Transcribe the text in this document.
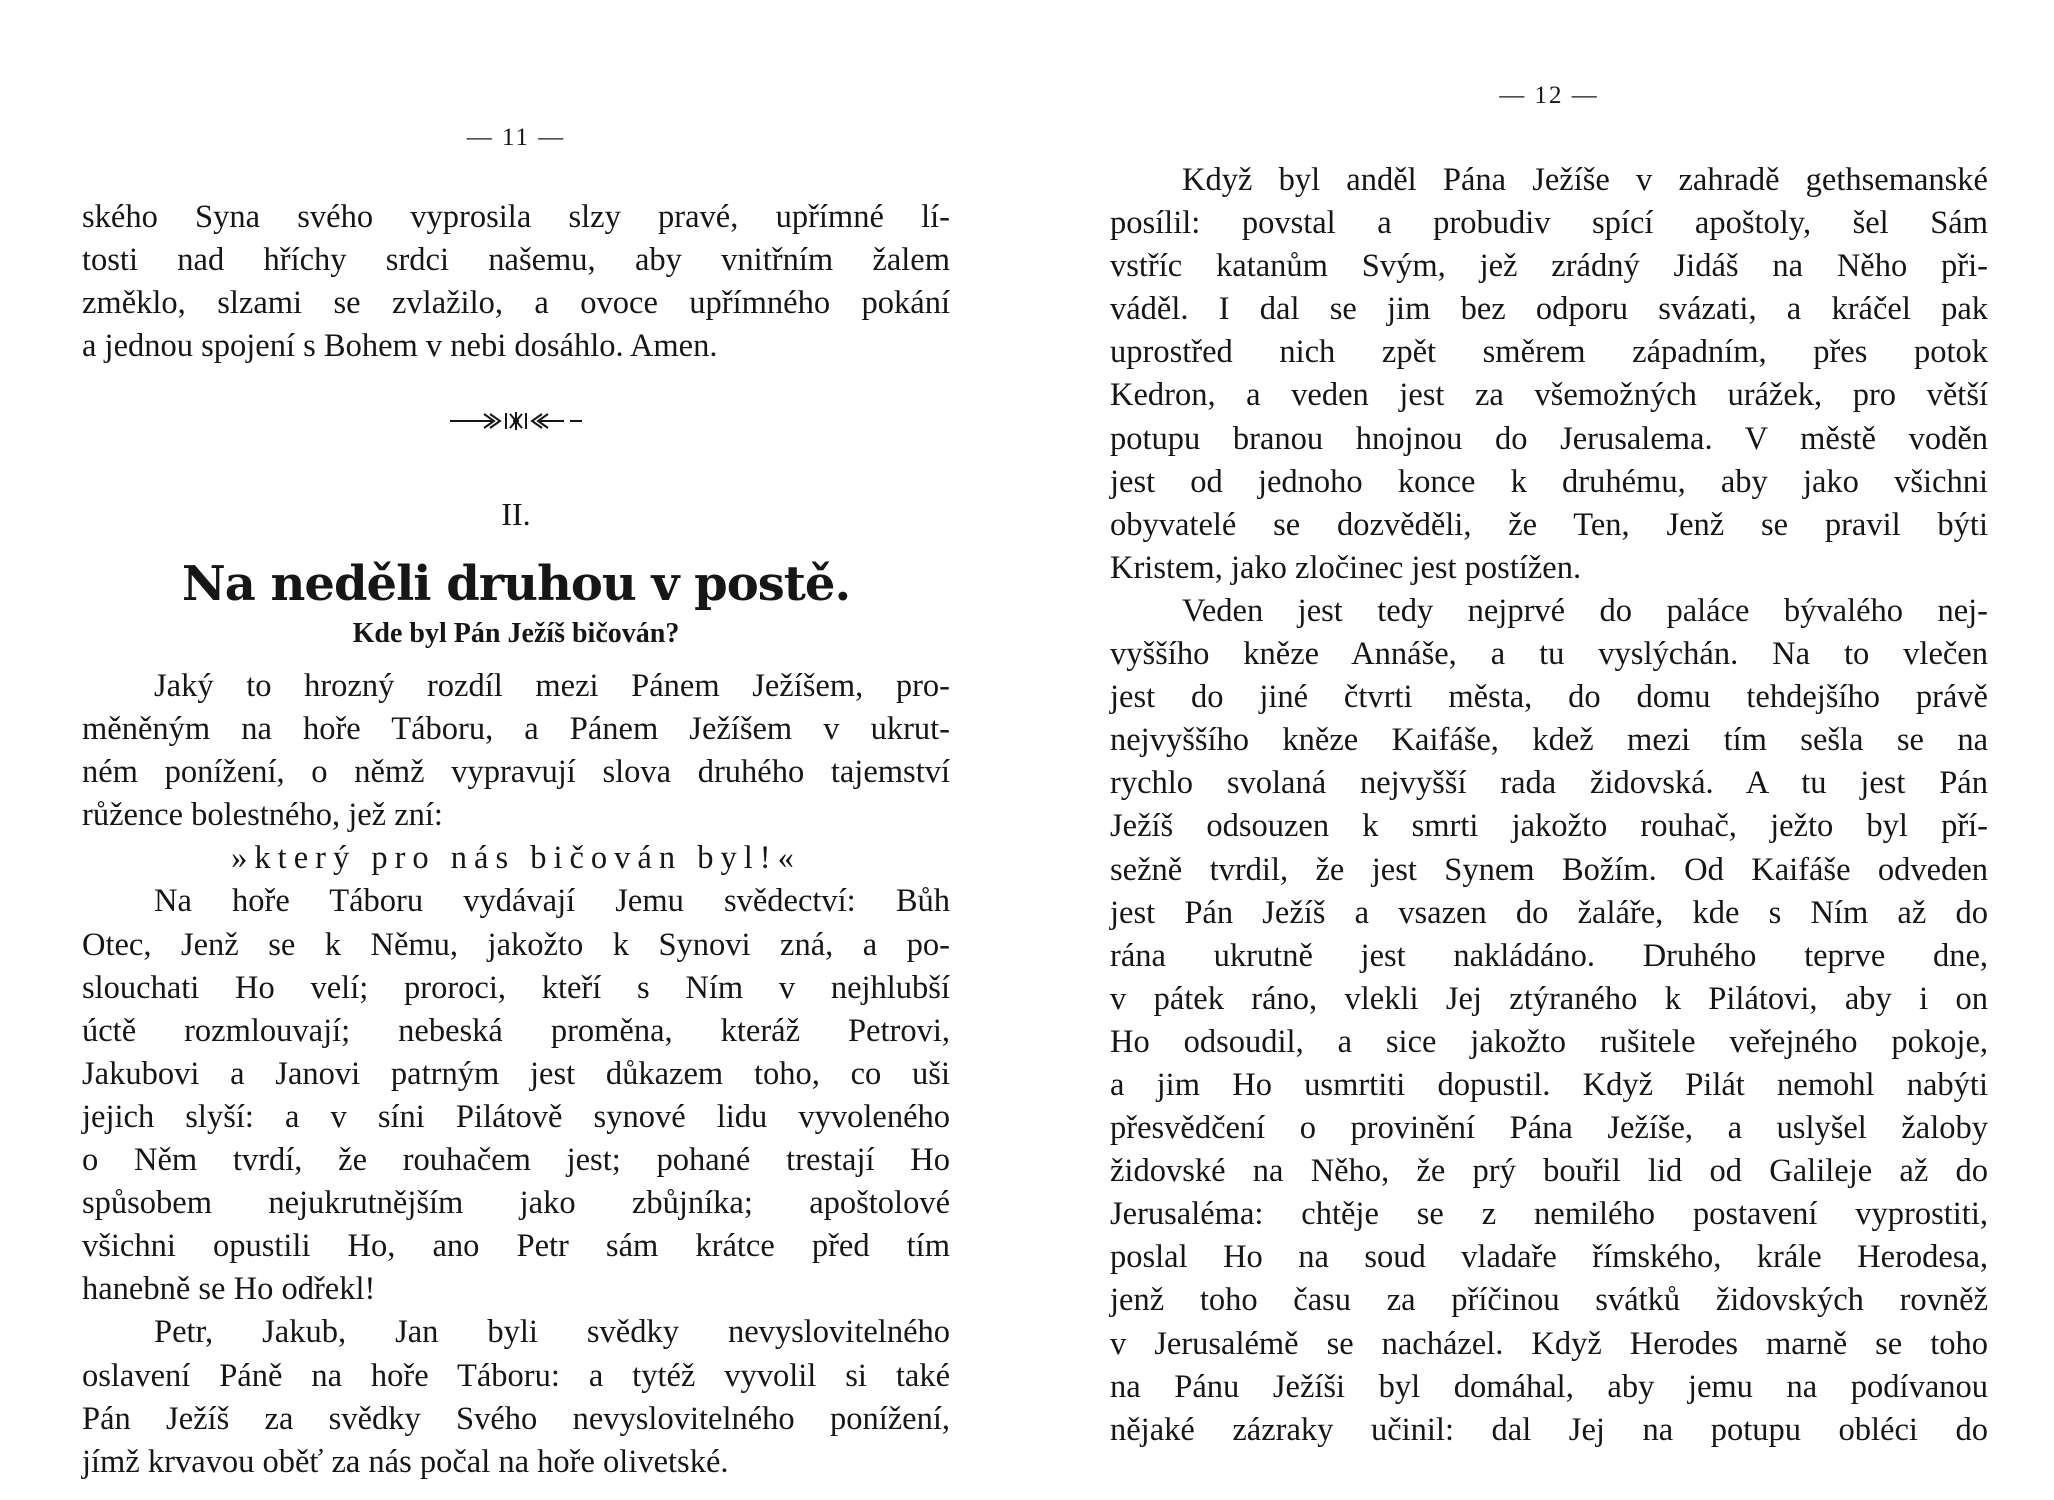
— 11 —
ského Syna svého vyprosila slzy pravé, upřímné lí-
tosti nad hříchy srdci našemu, aby vnitřním žalem
změklo, slzami se zvlažilo, a ovoce upřímného pokání
a jednou spojení s Bohem v nebi dosáhlo. Amen.
II.
Na neděli druhou v postě.
Kde byl Pán Ježíš bičován?
Jaký to hrozný rozdíl mezi Pánem Ježíšem, pro-
měněným na hoře Táboru, a Pánem Ježíšem v ukrut-
ném ponížení, o němž vypravují slova druhého tajemství
růžence bolestného, jež zní:
»který pro nás bičován byl!«
Na hoře Táboru vydávají Jemu svědectví: Bůh
Otec, Jenž se k Němu, jakožto k Synovi zná, a po-
slouchati Ho velí; proroci, kteří s Ním v nejhlubší
úctě rozmlouvají; nebeská proměna, kteráž Petrovi,
Jakubovi a Janovi patrným jest důkazem toho, co uši
jejich slyší: a v síni Pilátově synové lidu vyvoleného
o Něm tvrdí, že rouhačem jest; pohané trestají Ho
spůsobem nejukrutnějším jako zbůjníka; apoštolové
všichni opustili Ho, ano Petr sám krátce před tím
hanebně se Ho odřekl!
Petr, Jakub, Jan byli svědky nevyslovitelného
oslavení Páně na hoře Táboru: a tytéž vyvolil si také
Pán Ježíš za svědky Svého nevyslovitelného ponížení,
jímž krvavou oběť za nás počal na hoře olivetské.
— 12 —
Když byl anděl Pána Ježíše v zahradě gethsemanské
posílil: povstal a probudiv spící apoštoly, šel Sám
vstříc katanům Svým, jež zrádný Jidáš na Něho při-
váděl. I dal se jim bez odporu svázati, a kráčel pak
uprostřed nich zpět směrem západním, přes potok
Kedron, a veden jest za všemožných urážek, pro větší
potupu branou hnojnou do Jerusalema. V městě voděn
jest od jednoho konce k druhému, aby jako všichni
obyvatelé se dozvěděli, že Ten, Jenž se pravil býti
Kristem, jako zločinec jest postížen.
Veden jest tedy nejprvé do paláce bývalého nej-
vyššího kněze Annáše, a tu vyslýchán. Na to vlečen
jest do jiné čtvrti města, do domu tehdejšího právě
nejvyššího kněze Kaifáše, kdež mezi tím sešla se na
rychlo svolaná nejvyšší rada židovská. A tu jest Pán
Ježíš odsouzen k smrti jakožto rouhač, ježto byl pří-
sežně tvrdil, že jest Synem Božím. Od Kaifáše odveden
jest Pán Ježíš a vsazen do žaláře, kde s Ním až do
rána ukrutně jest nakládáno. Druhého teprve dne,
v pátek ráno, vlekli Jej ztýraného k Pilátovi, aby i on
Ho odsoudil, a sice jakožto rušitele veřejného pokoje,
a jim Ho usmrtiti dopustil. Když Pilát nemohl nabýti
přesvědčení o provinění Pána Ježíše, a uslyšel žaloby
židovské na Něho, že prý bouřil lid od Galileje až do
Jerusaléma: chtěje se z nemilého postavení vyprostiti,
poslal Ho na soud vladaře římského, krále Herodesa,
jenž toho času za příčinou svátků židovských rovněž
v Jerusalémě se nacházel. Když Herodes marně se toho
na Pánu Ježíši byl domáhal, aby jemu na podívanou
nějaké zázraky učinil: dal Jej na potupu obléci do
